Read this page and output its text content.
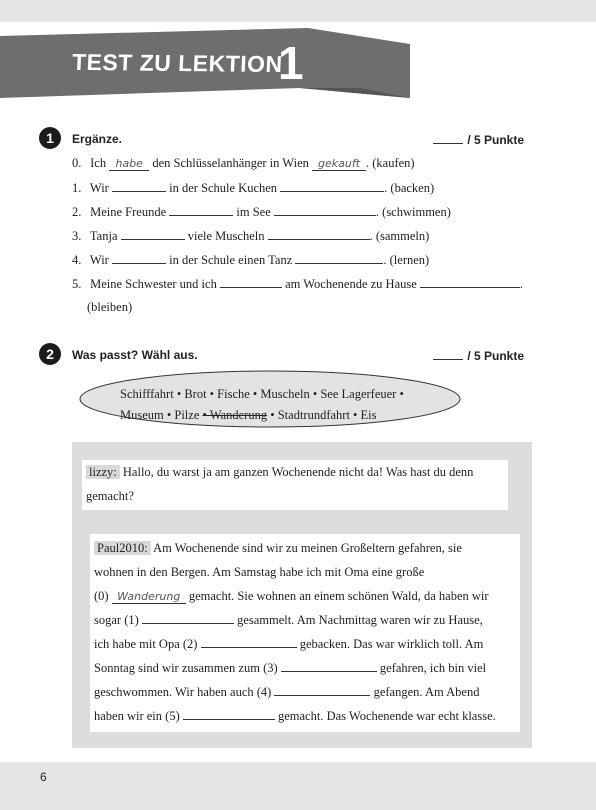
TEST ZU LEKTION
1
1	Ergänze.	/ 5 Punkte
0. Ich habe den Schlüsselanhänger in Wien gekauft . (kaufen)
1. Wir	in der Schule Kuchen	. (backen)
2. Meine Freunde	im See	. (schwimmen)
3. Tanja	viele Muscheln	. (sammeln)
4. Wir	in der Schule einen Tanz	. (lernen)
5. Meine Schwester und ich	am Wochenende zu Hause	.
(bleiben)
2	Was passt? Wähl aus.	/ 5 Punkte
Schifffahrt • Brot • Fische • Muscheln • See Lagerfeuer •
Museum • Pilze • Wanderung • Stadtrundfahrt • Eis
lizzy: Hallo, du warst ja am ganzen Wochenende nicht da! Was hast du denn
gemacht?
Paul2010: Am Wochenende sind wir zu meinen Großeltern gefahren, sie
wohnen in den Bergen. Am Samstag habe ich mit Oma eine große
(0) Wanderung gemacht. Sie wohnen an einem schönen Wald, da haben wir
sogar (1)	gesammelt. Am Nachmittag waren wir zu Hause,
ich habe mit Opa (2)	gebacken. Das war wirklich toll. Am
Sonntag sind wir zusammen zum (3)	gefahren, ich bin viel
geschwommen. Wir haben auch (4)	gefangen. Am Abend
haben wir ein (5)	gemacht. Das Wochenende war echt klasse.
6
